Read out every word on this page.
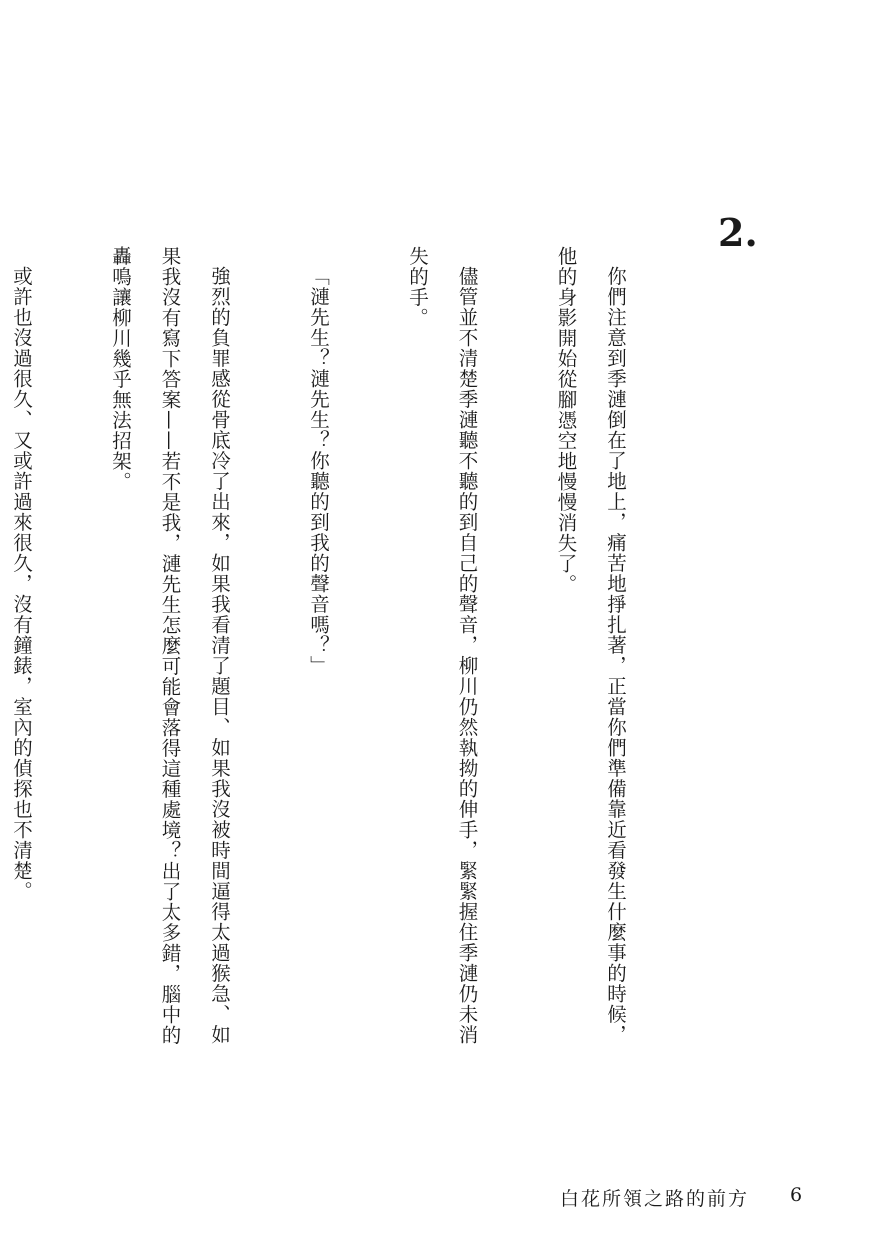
2.

你們注意到季漣倒在了地上，痛苦地掙扎著，正當你們準備靠近看發生什麼事的時候，他的身影開始從腳憑空地慢慢消失了。

儘管並不清楚季漣聽不聽的到自己的聲音，柳川仍然執拗的伸手，緊緊握住季漣仍未消失的手。

「漣先生？漣先生？你聽的到我的聲音嗎？」

強烈的負罪感從骨底冷了出來，如果我看清了題目、如果我沒被時間逼得太過猴急、如果我沒有寫下答案——若不是我，漣先生怎麼可能會落得這種處境？出了太多錯，腦中的轟鳴讓柳川幾乎無法招架。

或許也沒過很久、又或許過來很久，沒有鐘錶，室內的偵探也不清楚。

白花所領之路的前方 6
